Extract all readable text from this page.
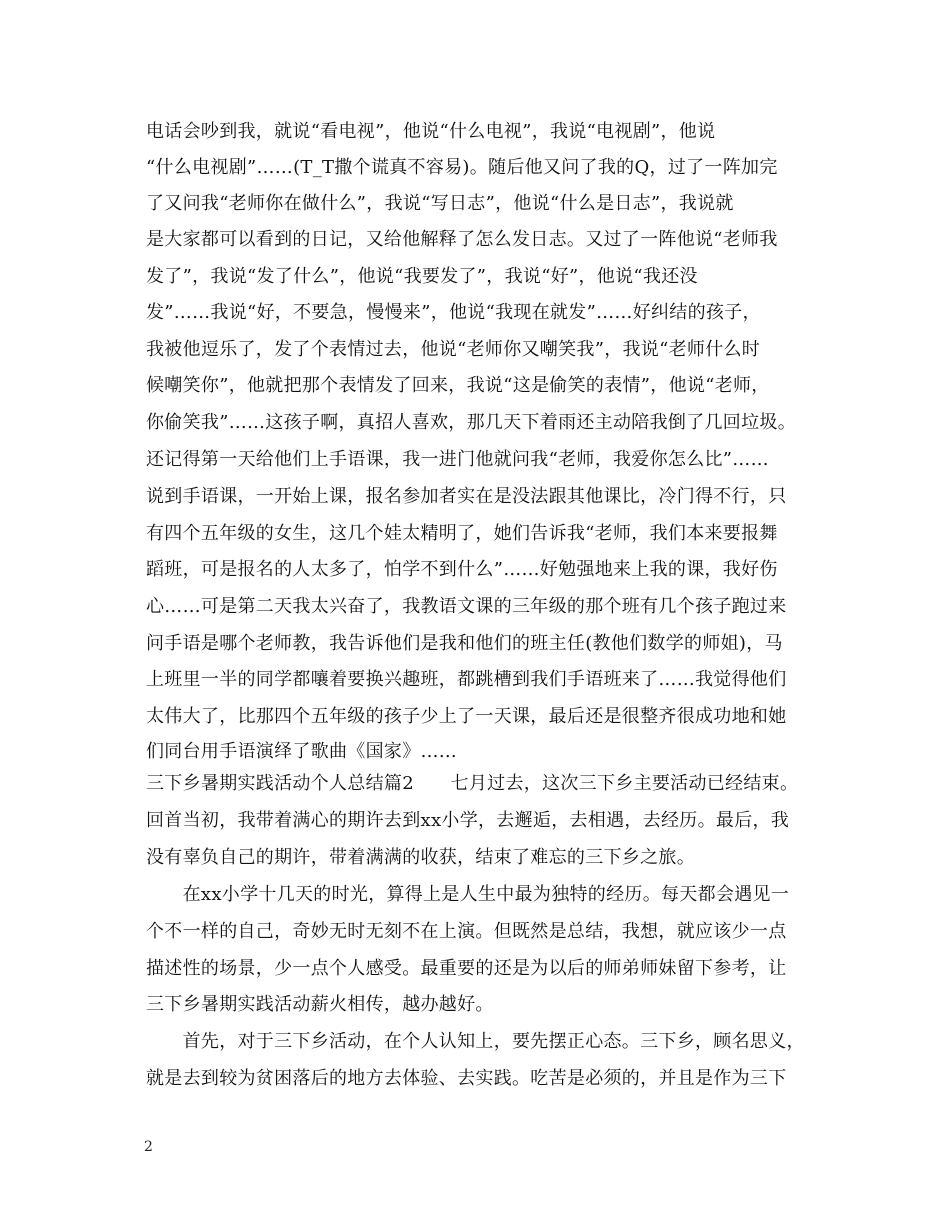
电话会吵到我，就说“看电视”，他说“什么电视”，我说“电视剧”，他说
“什么电视剧”……(T_T撒个谎真不容易)。随后他又问了我的Q，过了一阵加完
了又问我“老师你在做什么”，我说“写日志”，他说“什么是日志”，我说就
是大家都可以看到的日记，又给他解释了怎么发日志。又过了一阵他说“老师我
发了”，我说“发了什么”，他说“我要发了”，我说“好”，他说“我还没
发”……我说“好，不要急，慢慢来”，他说“我现在就发”……好纠结的孩子，
我被他逗乐了，发了个表情过去，他说“老师你又嘲笑我”，我说“老师什么时
候嘲笑你”，他就把那个表情发了回来，我说“这是偷笑的表情”，他说“老师，
你偷笑我”……这孩子啊，真招人喜欢，那几天下着雨还主动陪我倒了几回垃圾。
还记得第一天给他们上手语课，我一进门他就问我“老师，我爱你怎么比”……
说到手语课，一开始上课，报名参加者实在是没法跟其他课比，冷门得不行，只
有四个五年级的女生，这几个娃太精明了，她们告诉我“老师，我们本来要报舞
蹈班，可是报名的人太多了，怕学不到什么”……好勉强地来上我的课，我好伤
心……可是第二天我太兴奋了，我教语文课的三年级的那个班有几个孩子跑过来
问手语是哪个老师教，我告诉他们是我和他们的班主任(教他们数学的师姐)，马
上班里一半的同学都嚷着要换兴趣班，都跳槽到我们手语班来了……我觉得他们
太伟大了，比那四个五年级的孩子少上了一天课，最后还是很整齐很成功地和她
们同台用手语演绎了歌曲《国家》……
三下乡暑期实践活动个人总结篇2　　七月过去，这次三下乡主要活动已经结束。
回首当初，我带着满心的期许去到xx小学，去邂逅，去相遇，去经历。最后，我
没有辜负自己的期许，带着满满的收获，结束了难忘的三下乡之旅。
　　在xx小学十几天的时光，算得上是人生中最为独特的经历。每天都会遇见一
个不一样的自己，奇妙无时无刻不在上演。但既然是总结，我想，就应该少一点
描述性的场景，少一点个人感受。最重要的还是为以后的师弟师妹留下参考，让
三下乡暑期实践活动薪火相传，越办越好。
　　首先，对于三下乡活动，在个人认知上，要先摆正心态。三下乡，顾名思义，
就是去到较为贫困落后的地方去体验、去实践。吃苦是必须的，并且是作为三下
2
